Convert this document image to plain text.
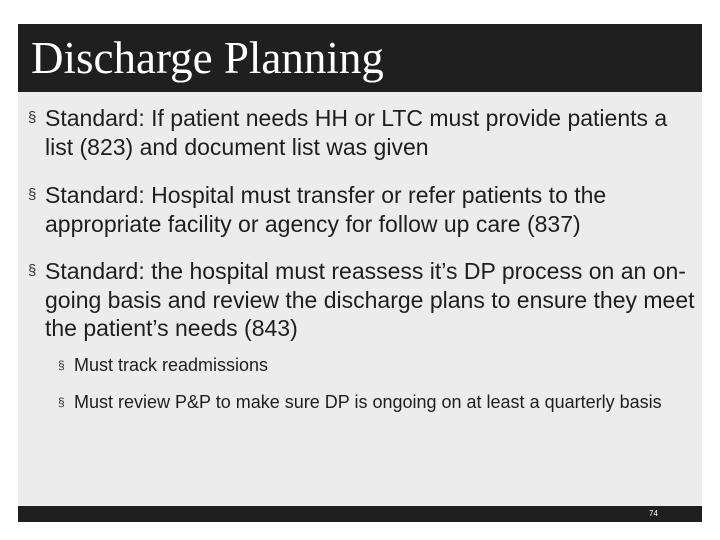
Discharge Planning
§ Standard: If patient needs HH or LTC must provide patients a list (823) and document list was given
§ Standard: Hospital must transfer or refer patients to the appropriate facility or agency for follow up care (837)
§ Standard: the hospital must reassess it’s DP process on an on-going basis and review the discharge plans to ensure they meet the patient’s needs (843)
§ Must track readmissions
§ Must review P&P to make sure DP is ongoing on at least a quarterly basis
74
